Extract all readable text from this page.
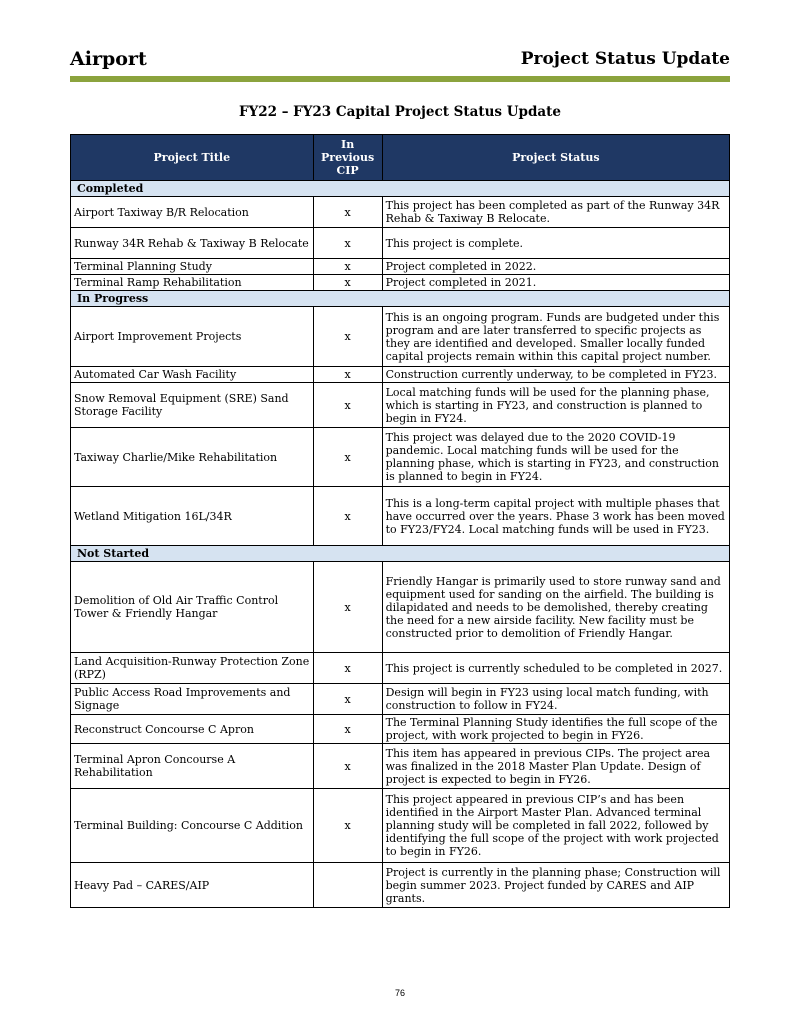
Airport	Project Status Update
FY22 – FY23 Capital Project Status Update
Project Title	In Previous CIP	Project Status
Completed		
Airport Taxiway B/R Relocation	x	This project has been completed as part of the Runway 34R Rehab & Taxiway B Relocate.
Runway 34R Rehab & Taxiway B Relocate	x	This project is complete.
Terminal Planning Study	x	Project completed in 2022.
Terminal Ramp Rehabilitation	x	Project completed in 2021.
In Progress		
Airport Improvement Projects	x	This is an ongoing program. Funds are budgeted under this program and are later transferred to specific projects as they are identified and developed. Smaller locally funded capital projects remain within this capital project number.
Automated Car Wash Facility	x	Construction currently underway, to be completed in FY23.
Snow Removal Equipment (SRE) Sand Storage Facility	x	Local matching funds will be used for the planning phase, which is starting in FY23, and construction is planned to begin in FY24.
Taxiway Charlie/Mike Rehabilitation	x	This project was delayed due to the 2020 COVID-19 pandemic. Local matching funds will be used for the planning phase, which is starting in FY23, and construction is planned to begin in FY24.
Wetland Mitigation 16L/34R	x	This is a long-term capital project with multiple phases that have occurred over the years. Phase 3 work has been moved to FY23/FY24. Local matching funds will be used in FY23.
Not Started		
Demolition of Old Air Traffic Control Tower & Friendly Hangar	x	Friendly Hangar is primarily used to store runway sand and equipment used for sanding on the airfield. The building is dilapidated and needs to be demolished, thereby creating the need for a new airside facility. New facility must be constructed prior to demolition of Friendly Hangar.
Land Acquisition-Runway Protection Zone (RPZ)	x	This project is currently scheduled to be completed in 2027.
Public Access Road Improvements and Signage	x	Design will begin in FY23 using local match funding, with construction to follow in FY24.
Reconstruct Concourse C Apron	x	The Terminal Planning Study identifies the full scope of the project, with work projected to begin in FY26.
Terminal Apron Concourse A Rehabilitation	x	This item has appeared in previous CIPs. The project area was finalized in the 2018 Master Plan Update. Design of project is expected to begin in FY26.
Terminal Building: Concourse C Addition	x	This project appeared in previous CIP’s and has been identified in the Airport Master Plan. Advanced terminal planning study will be completed in fall 2022, followed by identifying the full scope of the project with work projected to begin in FY26.
Heavy Pad – CARES/AIP		Project is currently in the planning phase; Construction will begin summer 2023. Project funded by CARES and AIP grants.
76
